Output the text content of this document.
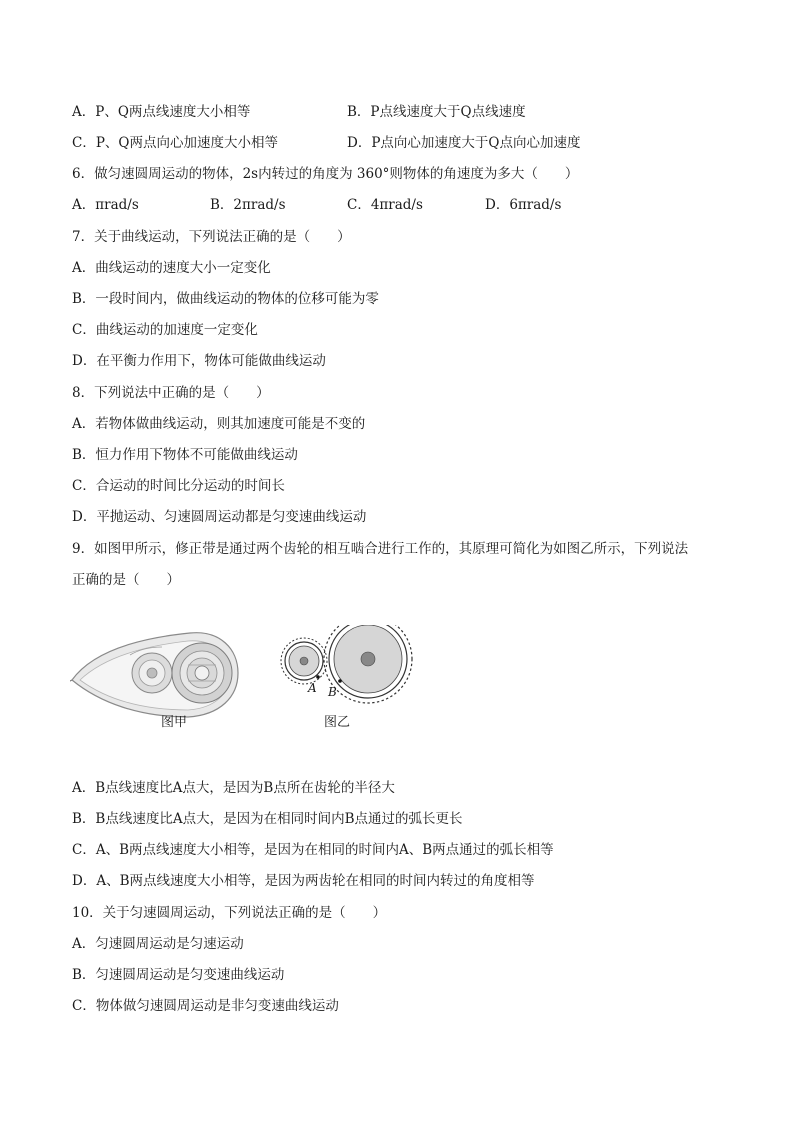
A．P、Q两点线速度大小相等	B．P点线速度大于Q点线速度
C．P、Q两点向心加速度大小相等	D．P点向心加速度大于Q点向心加速度
6．做匀速圆周运动的物体，2s内转过的角度为 360°则物体的角速度为多大（　　）
A．πrad/s	B．2πrad/s	C．4πrad/s	D．6πrad/s
7．关于曲线运动，下列说法正确的是（　　）
A．曲线运动的速度大小一定变化
B．一段时间内，做曲线运动的物体的位移可能为零
C．曲线运动的加速度一定变化
D．在平衡力作用下，物体可能做曲线运动
8．下列说法中正确的是（　　）
A．若物体做曲线运动，则其加速度可能是不变的
B．恒力作用下物体不可能做曲线运动
C．合运动的时间比分运动的时间长
D．平抛运动、匀速圆周运动都是匀变速曲线运动
9．如图甲所示，修正带是通过两个齿轮的相互啮合进行工作的，其原理可简化为如图乙所示，下列说法
正确的是（　　）
A B
图甲	图乙
A．B点线速度比A点大，是因为B点所在齿轮的半径大
B．B点线速度比A点大，是因为在相同时间内B点通过的弧长更长
C．A、B两点线速度大小相等，是因为在相同的时间内A、B两点通过的弧长相等
D．A、B两点线速度大小相等，是因为两齿轮在相同的时间内转过的角度相等
10．关于匀速圆周运动，下列说法正确的是（　　）
A．匀速圆周运动是匀速运动
B．匀速圆周运动是匀变速曲线运动
C．物体做匀速圆周运动是非匀变速曲线运动
